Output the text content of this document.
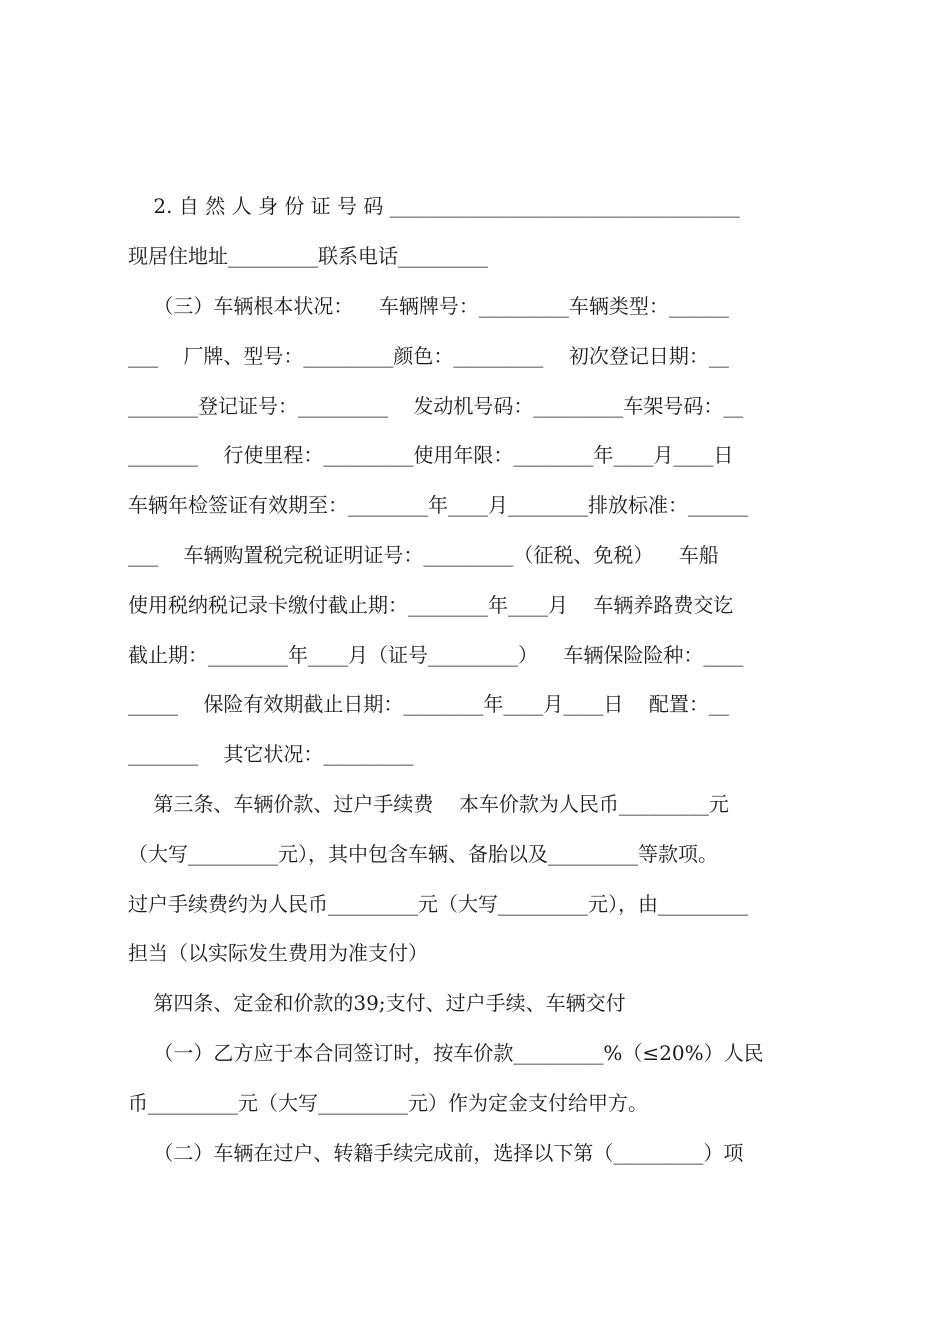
2. 自 然 人 身 份 证 号 码 ___________________________________
现居住地址_________联系电话_________
（三）车辆根本状况：    车辆牌号：_________车辆类型：______
___    厂牌、型号：_________颜色：_________    初次登记日期：__
_______登记证号：_________    发动机号码：_________车架号码：__
_______    行使里程：_________使用年限：________年____月____日
车辆年检签证有效期至：________年____月________排放标准：______
___    车辆购置税完税证明证号：_________（征税、免税）    车船
使用税纳税记录卡缴付截止期：________年____月    车辆养路费交讫
截止期：________年____月（证号_________）    车辆保险险种：____
_____    保险有效期截止日期：________年____月____日    配置：__
_______    其它状况：_________
第三条、车辆价款、过户手续费    本车价款为人民币_________元
（大写_________元），其中包含车辆、备胎以及_________等款项。
过户手续费约为人民币_________元（大写_________元），由_________
担当（以实际发生费用为准支付）
第四条、定金和价款的39;支付、过户手续、车辆交付
（一）乙方应于本合同签订时，按车价款_________%（≤20%）人民
币_________元（大写_________元）作为定金支付给甲方。
（二）车辆在过户、转籍手续完成前，选择以下第（_________）项
